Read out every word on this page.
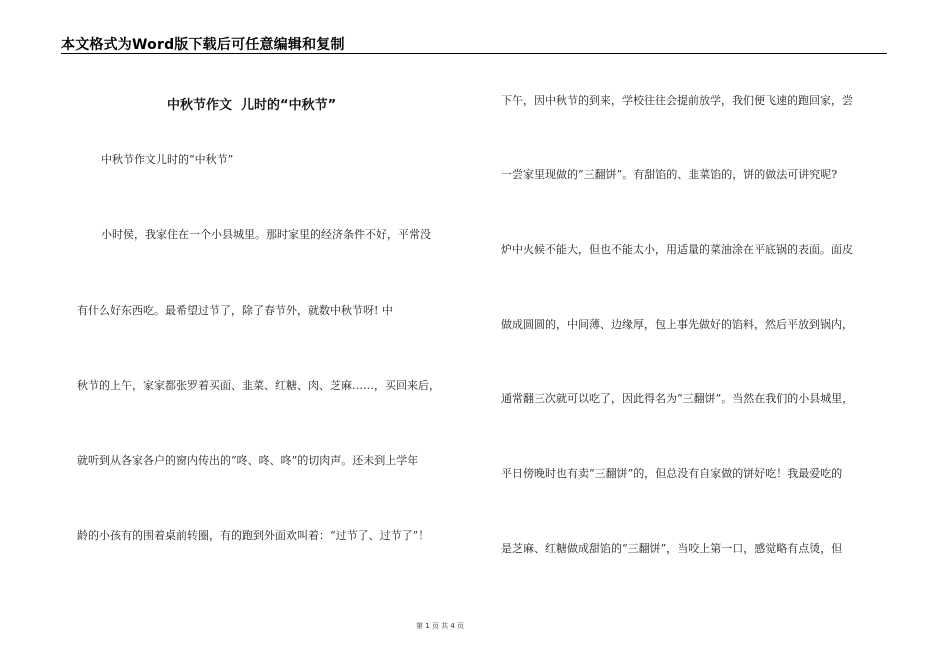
本文格式为Word版下载后可任意编辑和复制
中秋节作文  儿时的“中秋节”
中秋节作文儿时的“中秋节”
小时侯，我家住在一个小县城里。那时家里的经济条件不好，平常没
有什么好东西吃。最希望过节了，除了春节外，就数中秋节呀! 中
秋节的上午，家家都张罗着买面、韭菜、红糖、肉、芝麻……，买回来后，
就听到从各家各户的窗内传出的“咚、咚、咚”的切肉声。还未到上学年
龄的小孩有的围着桌前转圈，有的跑到外面欢叫着：“过节了、过节了”！
下午，因中秋节的到来，学校往往会提前放学，我们便飞速的跑回家，尝
一尝家里现做的“三翻饼”。有甜馅的、韭菜馅的，饼的做法可讲究呢?
炉中火候不能大，但也不能太小，用适量的菜油涂在平底锅的表面。面皮
做成圆圆的，中间薄、边缘厚，包上事先做好的馅料，然后平放到锅内，
通常翻三次就可以吃了，因此得名为“三翻饼”。当然在我们的小县城里，
平日傍晚时也有卖“三翻饼”的，但总没有自家做的饼好吃！我最爱吃的
是芝麻、红糖做成甜馅的“三翻饼”，当咬上第一口，感觉略有点烫，但
第 1 页 共 4 页
